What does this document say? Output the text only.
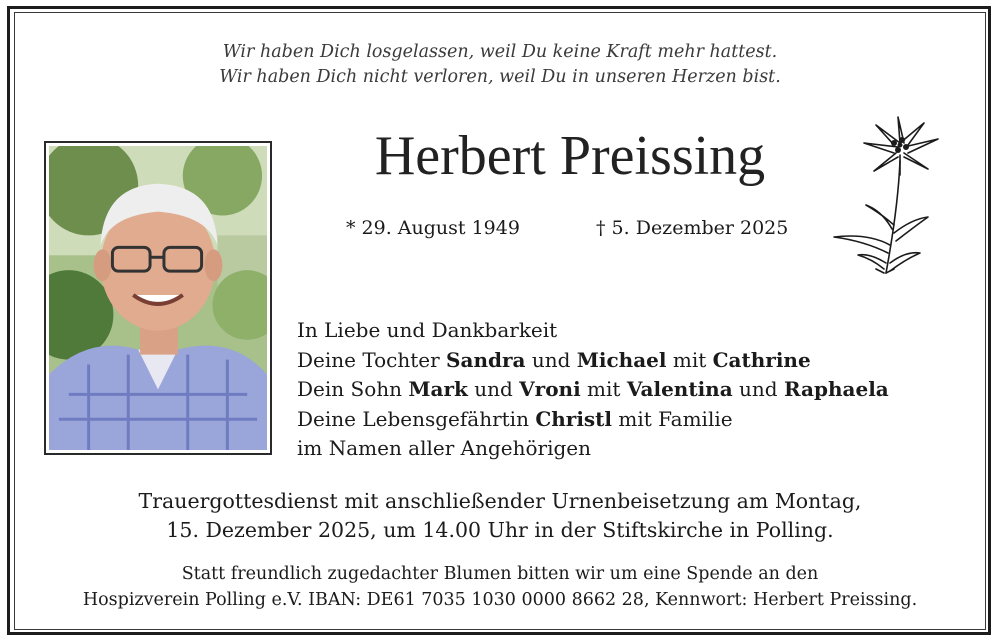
Wir haben Dich losgelassen, weil Du keine Kraft mehr hattest.
Wir haben Dich nicht verloren, weil Du in unseren Herzen bist.
Herbert Preissing
* 29. August 1949	† 5. Dezember 2025
In Liebe und Dankbarkeit
Deine Tochter Sandra und Michael mit Cathrine
Dein Sohn Mark und Vroni mit Valentina und Raphaela
Deine Lebensgefährtin Christl mit Familie
im Namen aller Angehörigen
Trauergottesdienst mit anschließender Urnenbeisetzung am Montag,
15. Dezember 2025, um 14.00 Uhr in der Stiftskirche in Polling.
Statt freundlich zugedachter Blumen bitten wir um eine Spende an den
Hospizverein Polling e.V. IBAN: DE61 7035 1030 0000 8662 28, Kennwort: Herbert Preissing.
